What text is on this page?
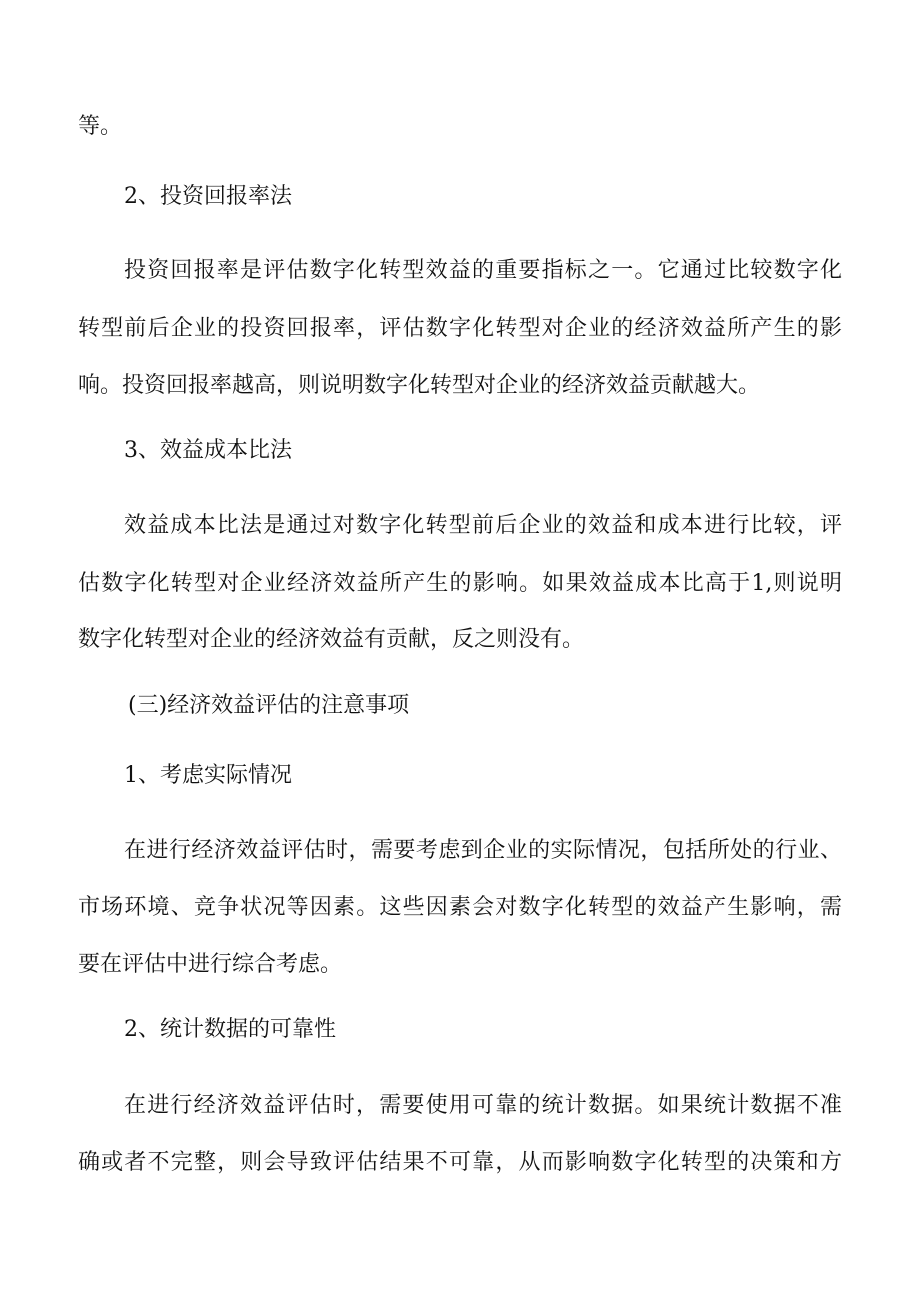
等。
2、投资回报率法
投资回报率是评估数字化转型效益的重要指标之一。它通过比较数字化
转型前后企业的投资回报率，评估数字化转型对企业的经济效益所产生的影
响。投资回报率越高，则说明数字化转型对企业的经济效益贡献越大。
3、效益成本比法
效益成本比法是通过对数字化转型前后企业的效益和成本进行比较，评
估数字化转型对企业经济效益所产生的影响。如果效益成本比高于1,则说明
数字化转型对企业的经济效益有贡献，反之则没有。
(三)经济效益评估的注意事项
1、考虑实际情况
在进行经济效益评估时，需要考虑到企业的实际情况，包括所处的行业、
市场环境、竞争状况等因素。这些因素会对数字化转型的效益产生影响，需
要在评估中进行综合考虑。
2、统计数据的可靠性
在进行经济效益评估时，需要使用可靠的统计数据。如果统计数据不准
确或者不完整，则会导致评估结果不可靠，从而影响数字化转型的决策和方
